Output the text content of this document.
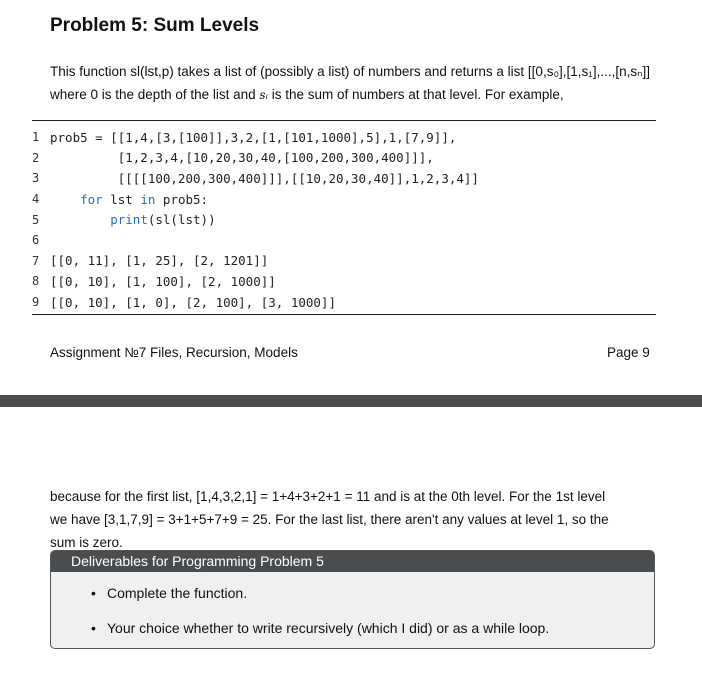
Problem 5: Sum Levels
This function sl(lst,p) takes a list of (possibly a list) of numbers and returns a list [[0,s₀],[1,s₁],...,[n,sₙ]]
where 0 is the depth of the list and sᵢ is the sum of numbers at that level. For example,
1 prob5 = [[1,4,[3,[100]],3,2,[1,[101,1000],5],1,[7,9]],
2 [1,2,3,4,[10,20,30,40,[100,200,300,400]]],
3 [[[[100,200,300,400]]],[[10,20,30,40]],1,2,3,4]]
4
	for lst in prob5:
5
	print (sl(lst))
6
7 [[0, 11], [1, 25], [2, 1201]]
8 [[0, 10], [1, 100], [2, 1000]]
9 [[0, 10], [1, 0], [2, 100], [3, 1000]]
Assignment №7 Files, Recursion, Models	Page 9
because for the first list, [1,4,3,2,1] = 1+4+3+2+1 = 11 and is at the 0th level. For the 1st level
we have [3,1,7,9] = 3+1+5+7+9 = 25. For the last list, there aren't any values at level 1, so the
sum is zero.
Deliverables for Programming Problem 5
• Complete the function.
• Your choice whether to write recursively (which I did) or as a while loop.
